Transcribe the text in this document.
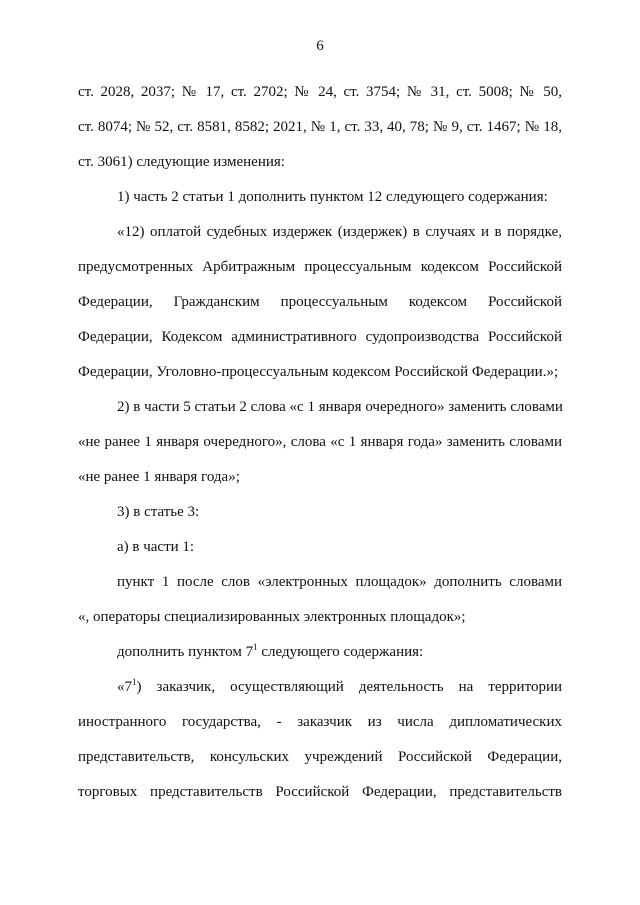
6
ст. 2028, 2037; № 17, ст. 2702; № 24, ст. 3754; № 31, ст. 5008; № 50,
ст. 8074; № 52, ст. 8581, 8582; 2021, № 1, ст. 33, 40, 78; № 9, ст. 1467; № 18,
ст. 3061) следующие изменения:
1) часть 2 статьи 1 дополнить пунктом 12 следующего содержания:
«12) оплатой судебных издержек (издержек) в случаях и в порядке,
предусмотренных Арбитражным процессуальным кодексом Российской
Федерации, Гражданским процессуальным кодексом Российской
Федерации, Кодексом административного судопроизводства Российской
Федерации, Уголовно-процессуальным кодексом Российской Федерации.»;
2) в части 5 статьи 2 слова «с 1 января очередного» заменить словами
«не ранее 1 января очередного», слова «с 1 января года» заменить словами
«не ранее 1 января года»;
3) в статье 3:
а) в части 1:
пункт 1 после слов «электронных площадок» дополнить словами
«, операторы специализированных электронных площадок»;
дополнить пунктом $7^1$ следующего содержания:
«$7^1$) заказчик, осуществляющий деятельность на территории
иностранного государства, - заказчик из числа дипломатических
представительств, консульских учреждений Российской Федерации,
торговых представительств Российской Федерации, представительств
